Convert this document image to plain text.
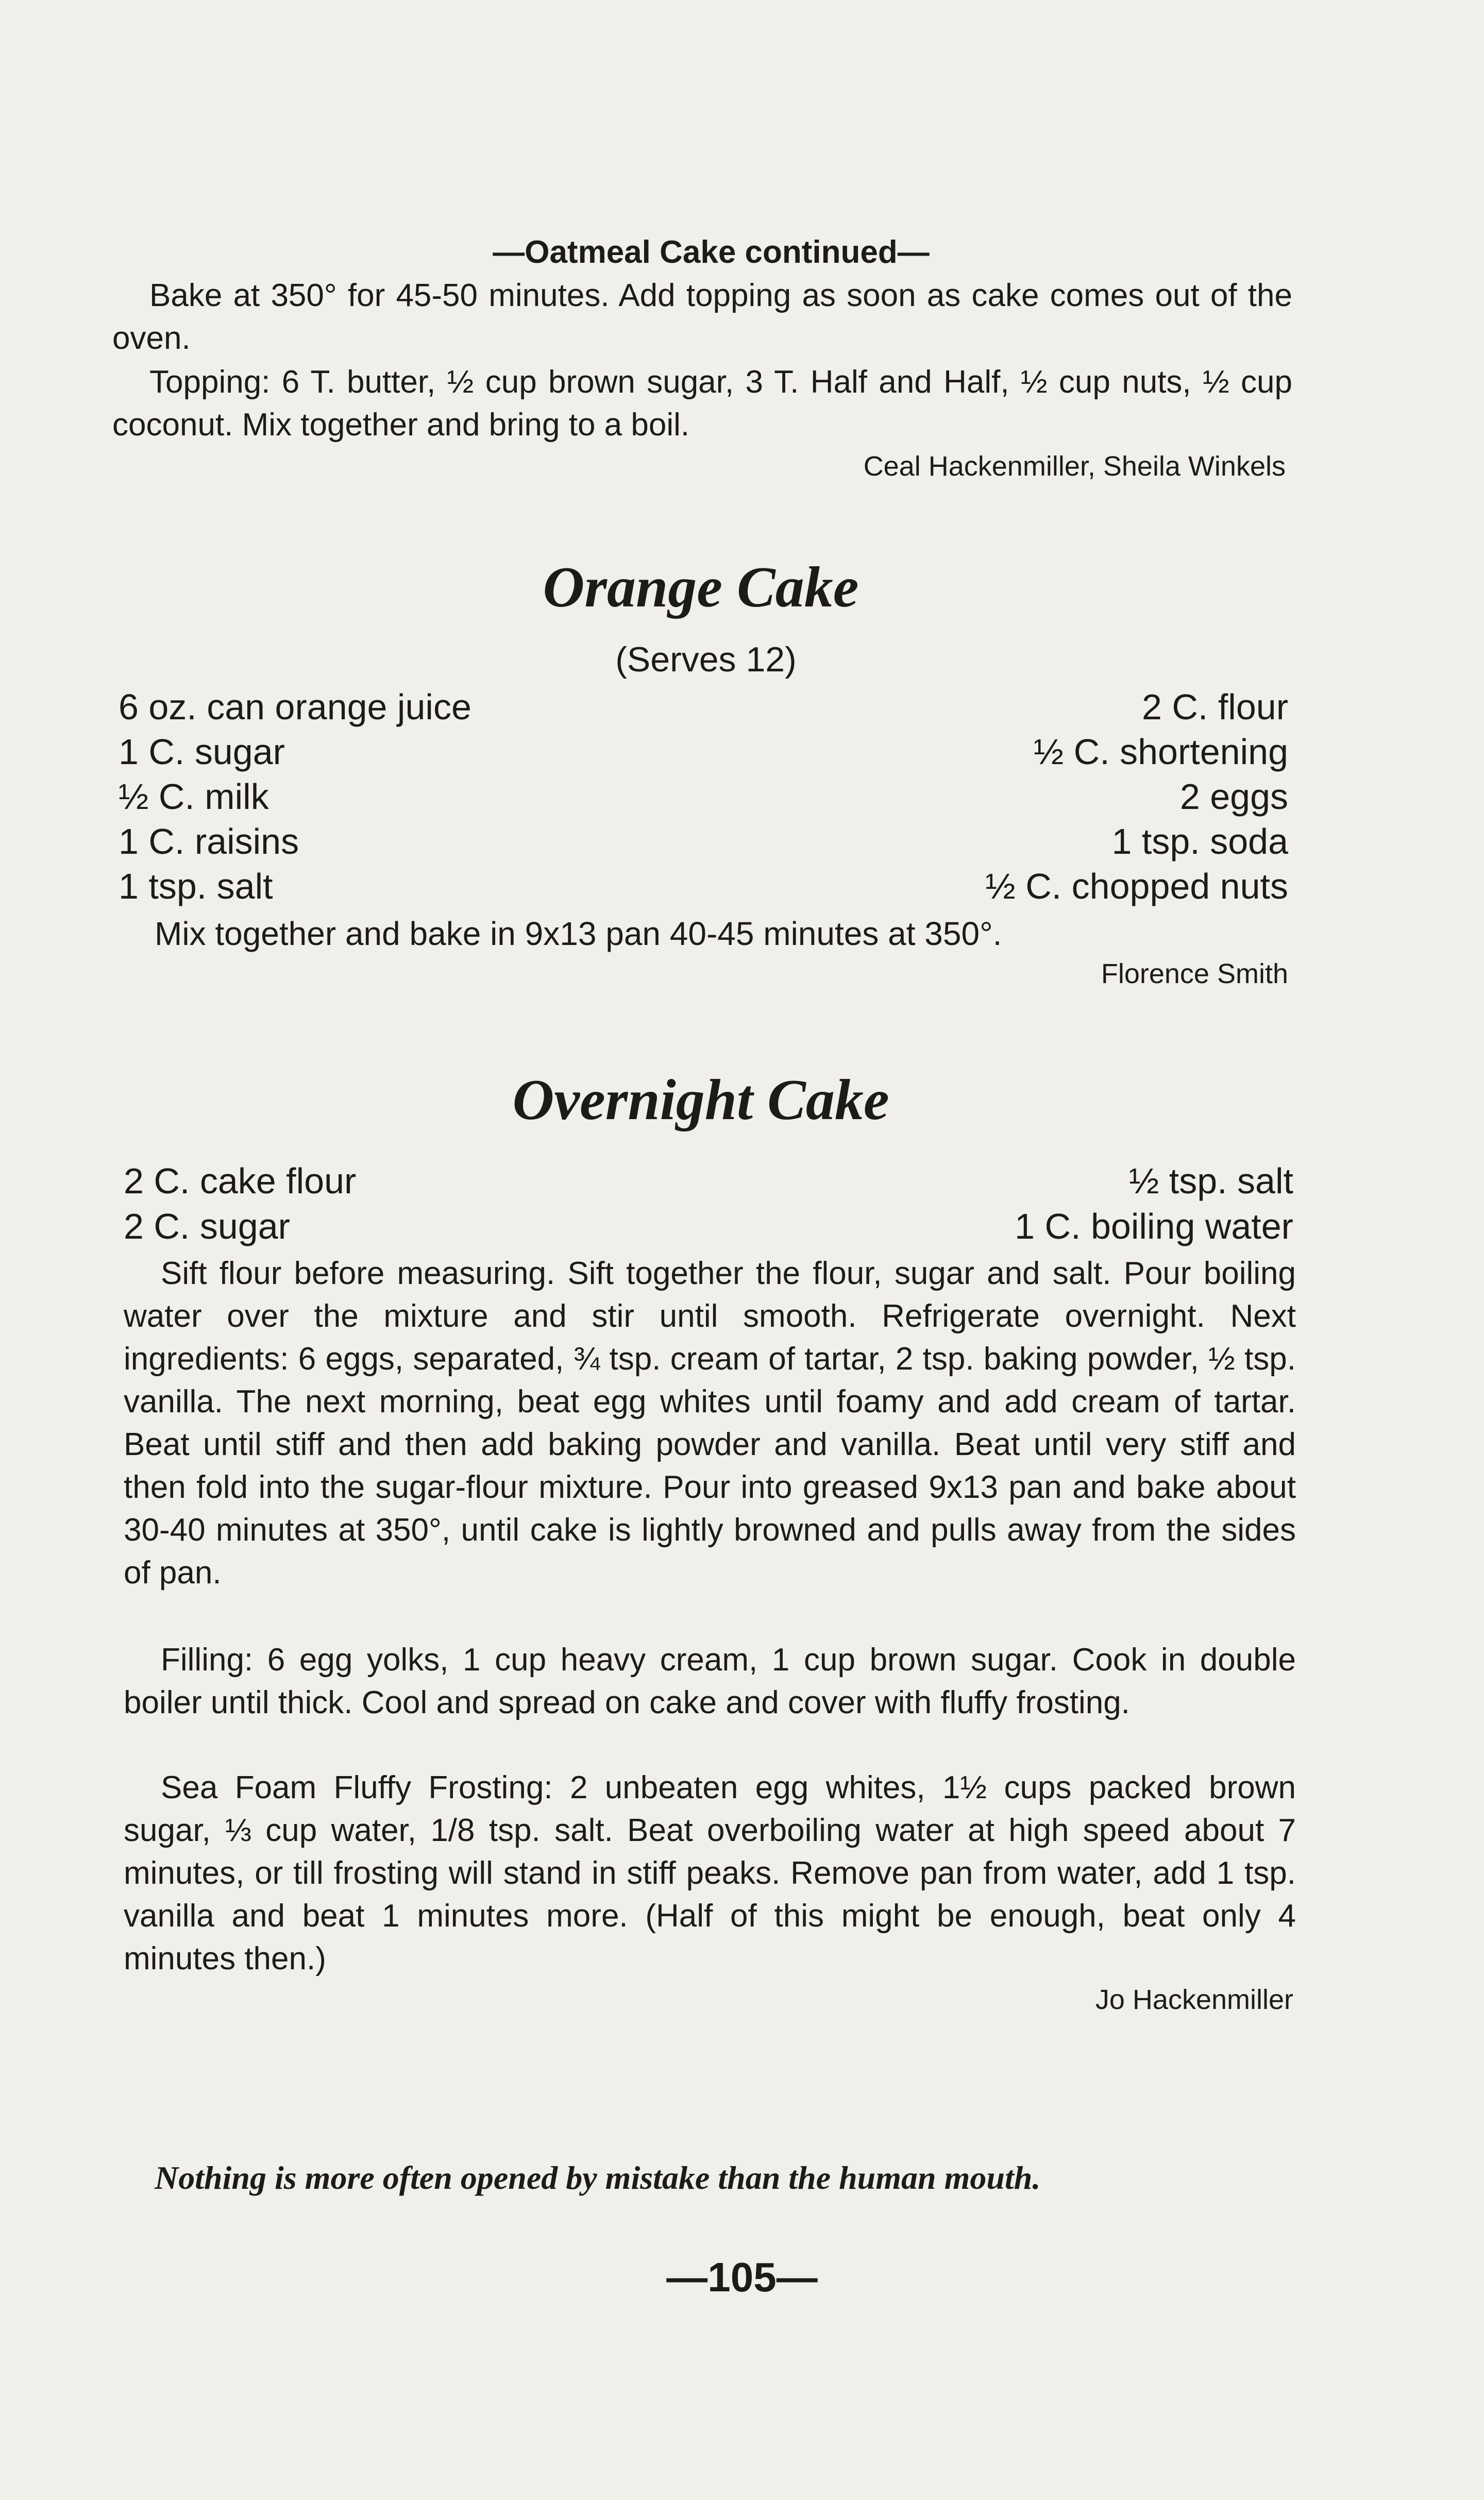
—Oatmeal Cake continued—
Bake at 350° for 45-50 minutes. Add topping as soon as cake comes out of the oven.
Topping: 6 T. butter, ½ cup brown sugar, 3 T. Half and Half, ½ cup nuts, ½ cup coconut. Mix together and bring to a boil.
Ceal Hackenmiller, Sheila Winkels
Orange Cake
(Serves 12)
6 oz. can orange juice
1 C. sugar
½ C. milk
1 C. raisins
1 tsp. salt
2 C. flour
½ C. shortening
2 eggs
1 tsp. soda
½ C. chopped nuts
Mix together and bake in 9x13 pan 40-45 minutes at 350°.
Florence Smith
Overnight Cake
2 C. cake flour
2 C. sugar
½ tsp. salt
1 C. boiling water
Sift flour before measuring. Sift together the flour, sugar and salt. Pour boiling water over the mixture and stir until smooth. Refrigerate overnight. Next ingredients: 6 eggs, separated, ¾ tsp. cream of tartar, 2 tsp. baking powder, ½ tsp. vanilla. The next morning, beat egg whites until foamy and add cream of tartar. Beat until stiff and then add baking powder and vanilla. Beat until very stiff and then fold into the sugar-flour mixture. Pour into greased 9x13 pan and bake about 30-40 minutes at 350°, until cake is lightly browned and pulls away from the sides of pan.
Filling: 6 egg yolks, 1 cup heavy cream, 1 cup brown sugar. Cook in double boiler until thick. Cool and spread on cake and cover with fluffy frosting.
Sea Foam Fluffy Frosting: 2 unbeaten egg whites, 1½ cups packed brown sugar, ⅓ cup water, 1/8 tsp. salt. Beat overboiling water at high speed about 7 minutes, or till frosting will stand in stiff peaks. Remove pan from water, add 1 tsp. vanilla and beat 1 minutes more. (Half of this might be enough, beat only 4 minutes then.)
Jo Hackenmiller
Nothing is more often opened by mistake than the human mouth.
—105—
